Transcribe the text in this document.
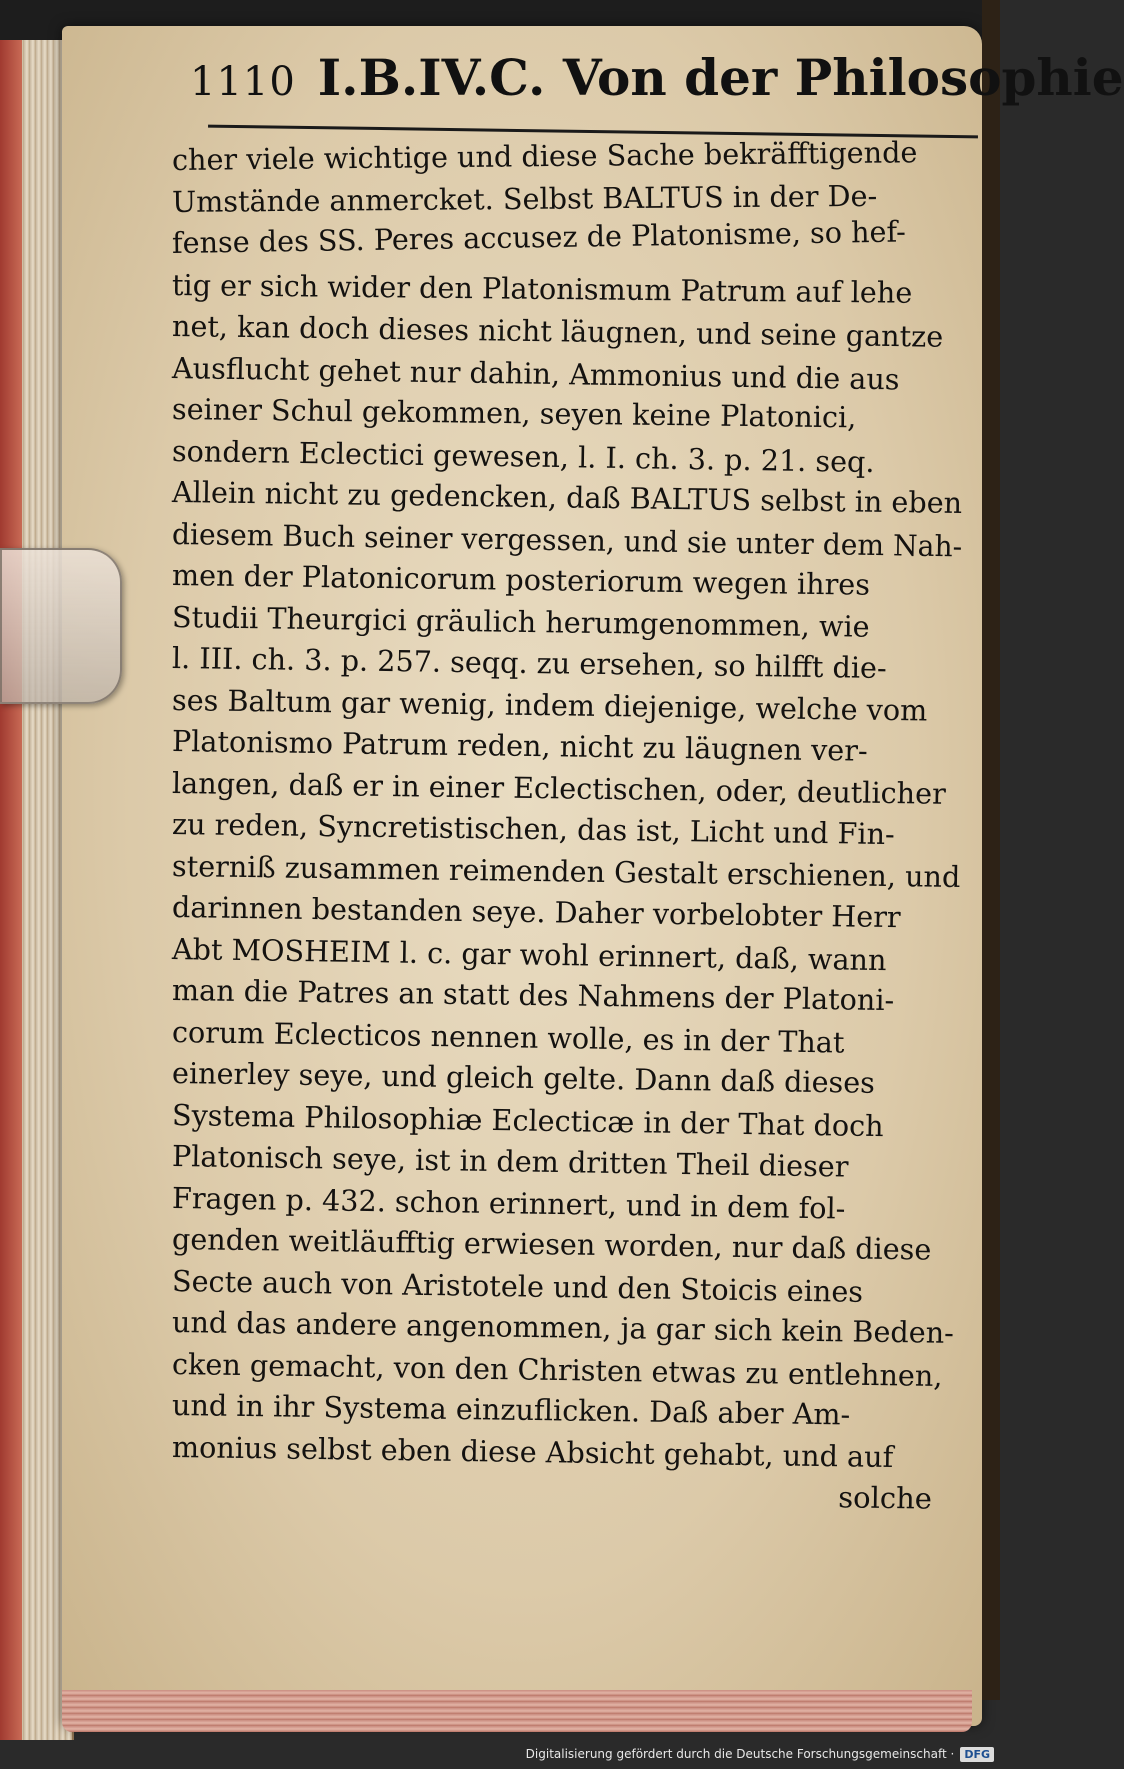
1110 I.B.IV.C. Von der Philosophie
cher viele wichtige und diese Sache bekräfftigende
Umstände anmercket. Selbst BALTUS in der De-
fense des SS. Peres accusez de Platonisme, so hef-
tig er sich wider den Platonismum Patrum auf lehe
net, kan doch dieses nicht läugnen, und seine gantze
Ausflucht gehet nur dahin, Ammonius und die aus
seiner Schul gekommen, seyen keine Platonici,
sondern Eclectici gewesen, l. I. ch. 3. p. 21. seq.
Allein nicht zu gedencken, daß BALTUS selbst in eben
diesem Buch seiner vergessen, und sie unter dem Nah-
men der Platonicorum posteriorum wegen ihres
Studii Theurgici gräulich herumgenommen, wie
l. III. ch. 3. p. 257. seqq. zu ersehen, so hilfft die-
ses Baltum gar wenig, indem diejenige, welche vom
Platonismo Patrum reden, nicht zu läugnen ver-
langen, daß er in einer Eclectischen, oder, deutlicher
zu reden, Syncretistischen, das ist, Licht und Fin-
sterniß zusammen reimenden Gestalt erschienen, und
darinnen bestanden seye. Daher vorbelobter Herr
Abt MOSHEIM l. c. gar wohl erinnert, daß, wann
man die Patres an statt des Nahmens der Platoni-
corum Eclecticos nennen wolle, es in der That
einerley seye, und gleich gelte. Dann daß dieses
Systema Philosophiæ Eclecticæ in der That doch
Platonisch seye, ist in dem dritten Theil dieser
Fragen p. 432. schon erinnert, und in dem fol-
genden weitläufftig erwiesen worden, nur daß diese
Secte auch von Aristotele und den Stoicis eines
und das andere angenommen, ja gar sich kein Beden-
cken gemacht, von den Christen etwas zu entlehnen,
und in ihr Systema einzuflicken. Daß aber Am-
monius selbst eben diese Absicht gehabt, und auf
solche
Digitalisierung gefördert durch die Deutsche Forschungsgemeinschaft · DFG
